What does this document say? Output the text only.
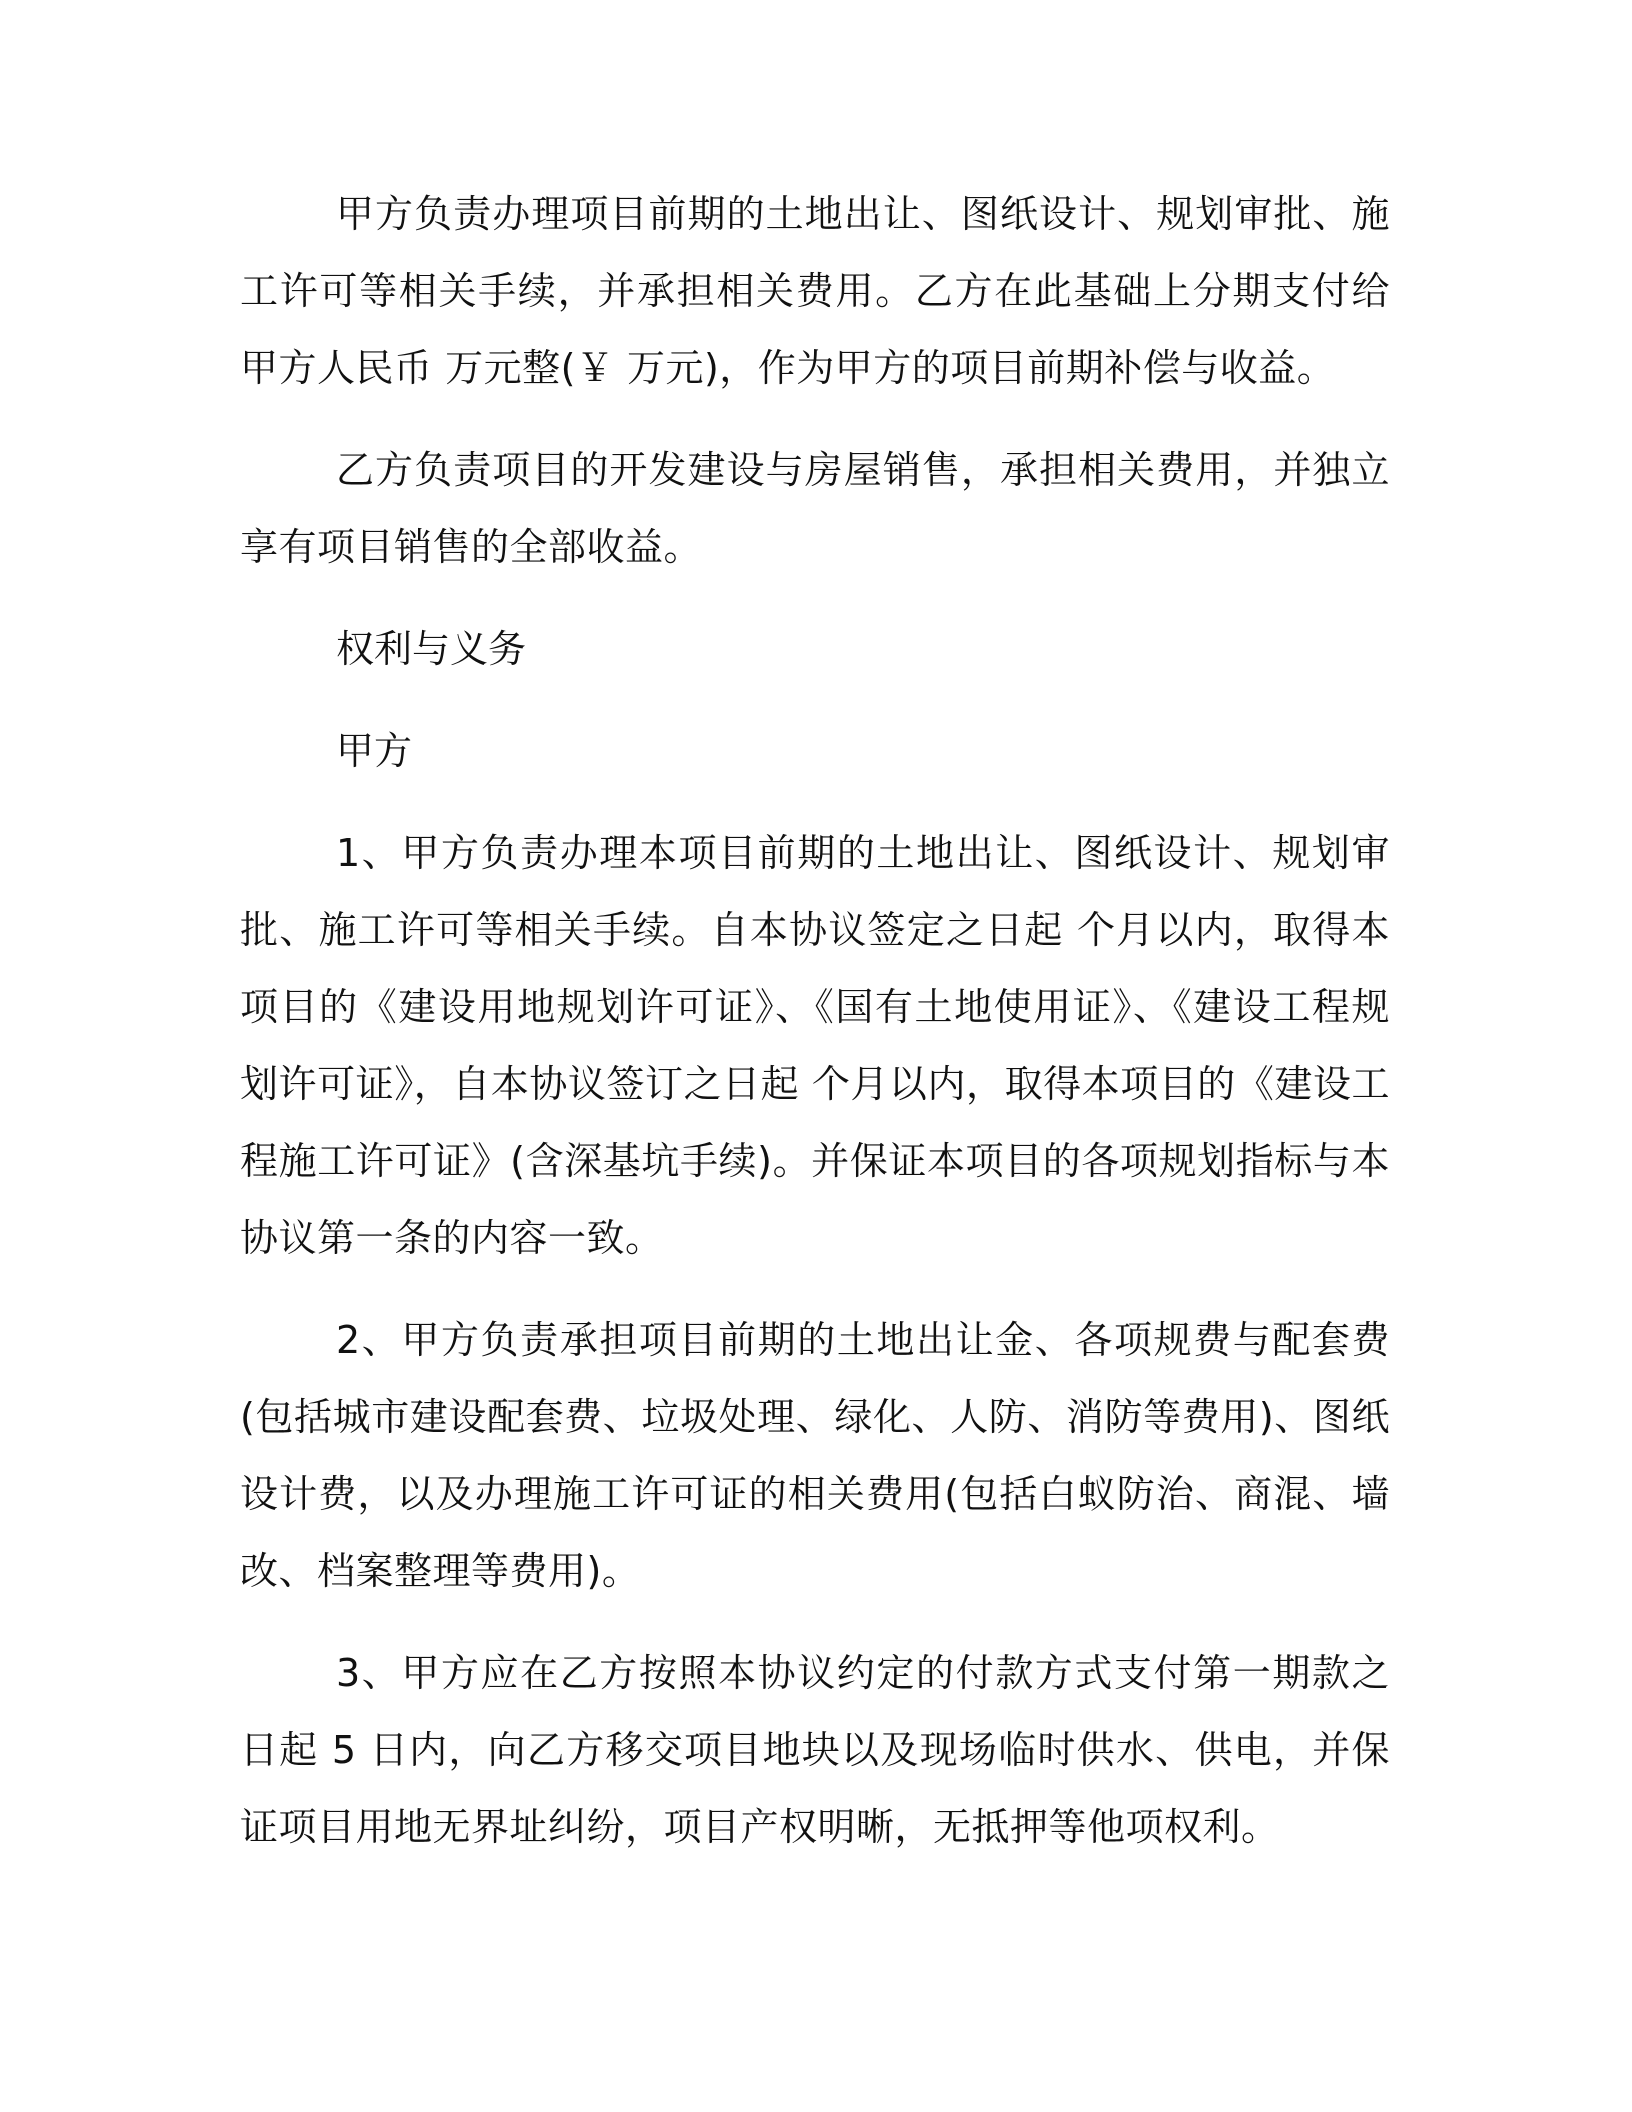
甲方负责办理项目前期的土地出让、图纸设计、规划审批、施工许可等相关手续，并承担相关费用。乙方在此基础上分期支付给甲方人民币 万元整(￥ 万元)，作为甲方的项目前期补偿与收益。

乙方负责项目的开发建设与房屋销售，承担相关费用，并独立享有项目销售的全部收益。

权利与义务

甲方

1、甲方负责办理本项目前期的土地出让、图纸设计、规划审批、施工许可等相关手续。自本协议签定之日起 个月以内，取得本项目的《建设用地规划许可证》、《国有土地使用证》、《建设工程规划许可证》，自本协议签订之日起 个月以内，取得本项目的《建设工程施工许可证》(含深基坑手续)。并保证本项目的各项规划指标与本协议第一条的内容一致。

2、甲方负责承担项目前期的土地出让金、各项规费与配套费(包括城市建设配套费、垃圾处理、绿化、人防、消防等费用)、图纸设计费，以及办理施工许可证的相关费用(包括白蚁防治、商混、墙改、档案整理等费用)。

3、甲方应在乙方按照本协议约定的付款方式支付第一期款之日起 5 日内，向乙方移交项目地块以及现场临时供水、供电，并保证项目用地无界址纠纷，项目产权明晰，无抵押等他项权利。
